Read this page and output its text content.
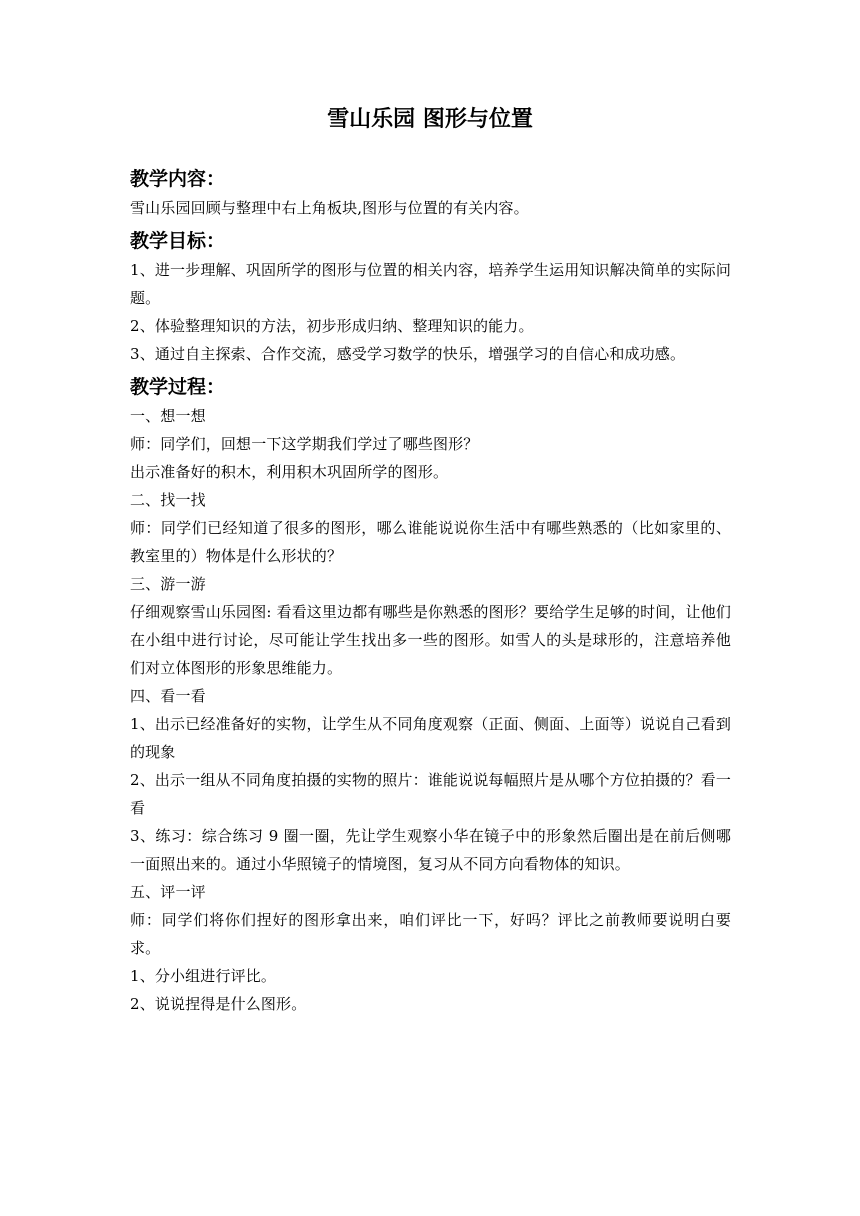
雪山乐园 图形与位置
教学内容：

雪山乐园回顾与整理中右上角板块,图形与位置的有关内容。

教学目标：

1、进一步理解、巩固所学的图形与位置的相关内容，培养学生运用知识解决简单的实际问题。

2、体验整理知识的方法，初步形成归纳、整理知识的能力。

3、通过自主探索、合作交流，感受学习数学的快乐，增强学习的自信心和成功感。

教学过程：

一、想一想

师：同学们，回想一下这学期我们学过了哪些图形？

出示准备好的积木，利用积木巩固所学的图形。

二、找一找

师：同学们已经知道了很多的图形，哪么谁能说说你生活中有哪些熟悉的（比如家里的、教室里的）物体是什么形状的？

三、游一游

仔细观察雪山乐园图: 看看这里边都有哪些是你熟悉的图形？要给学生足够的时间，让他们在小组中进行讨论，尽可能让学生找出多一些的图形。如雪人的头是球形的，注意培养他们对立体图形的形象思维能力。

四、看一看

1、出示已经准备好的实物，让学生从不同角度观察（正面、侧面、上面等）说说自己看到的现象

2、出示一组从不同角度拍摄的实物的照片：谁能说说每幅照片是从哪个方位拍摄的？看一看

3、练习：综合练习 9 圈一圈，先让学生观察小华在镜子中的形象然后圈出是在前后侧哪一面照出来的。通过小华照镜子的情境图，复习从不同方向看物体的知识。

五、评一评

师：同学们将你们捏好的图形拿出来，咱们评比一下，好吗？评比之前教师要说明白要求。

1、分小组进行评比。

2、说说捏得是什么图形。
